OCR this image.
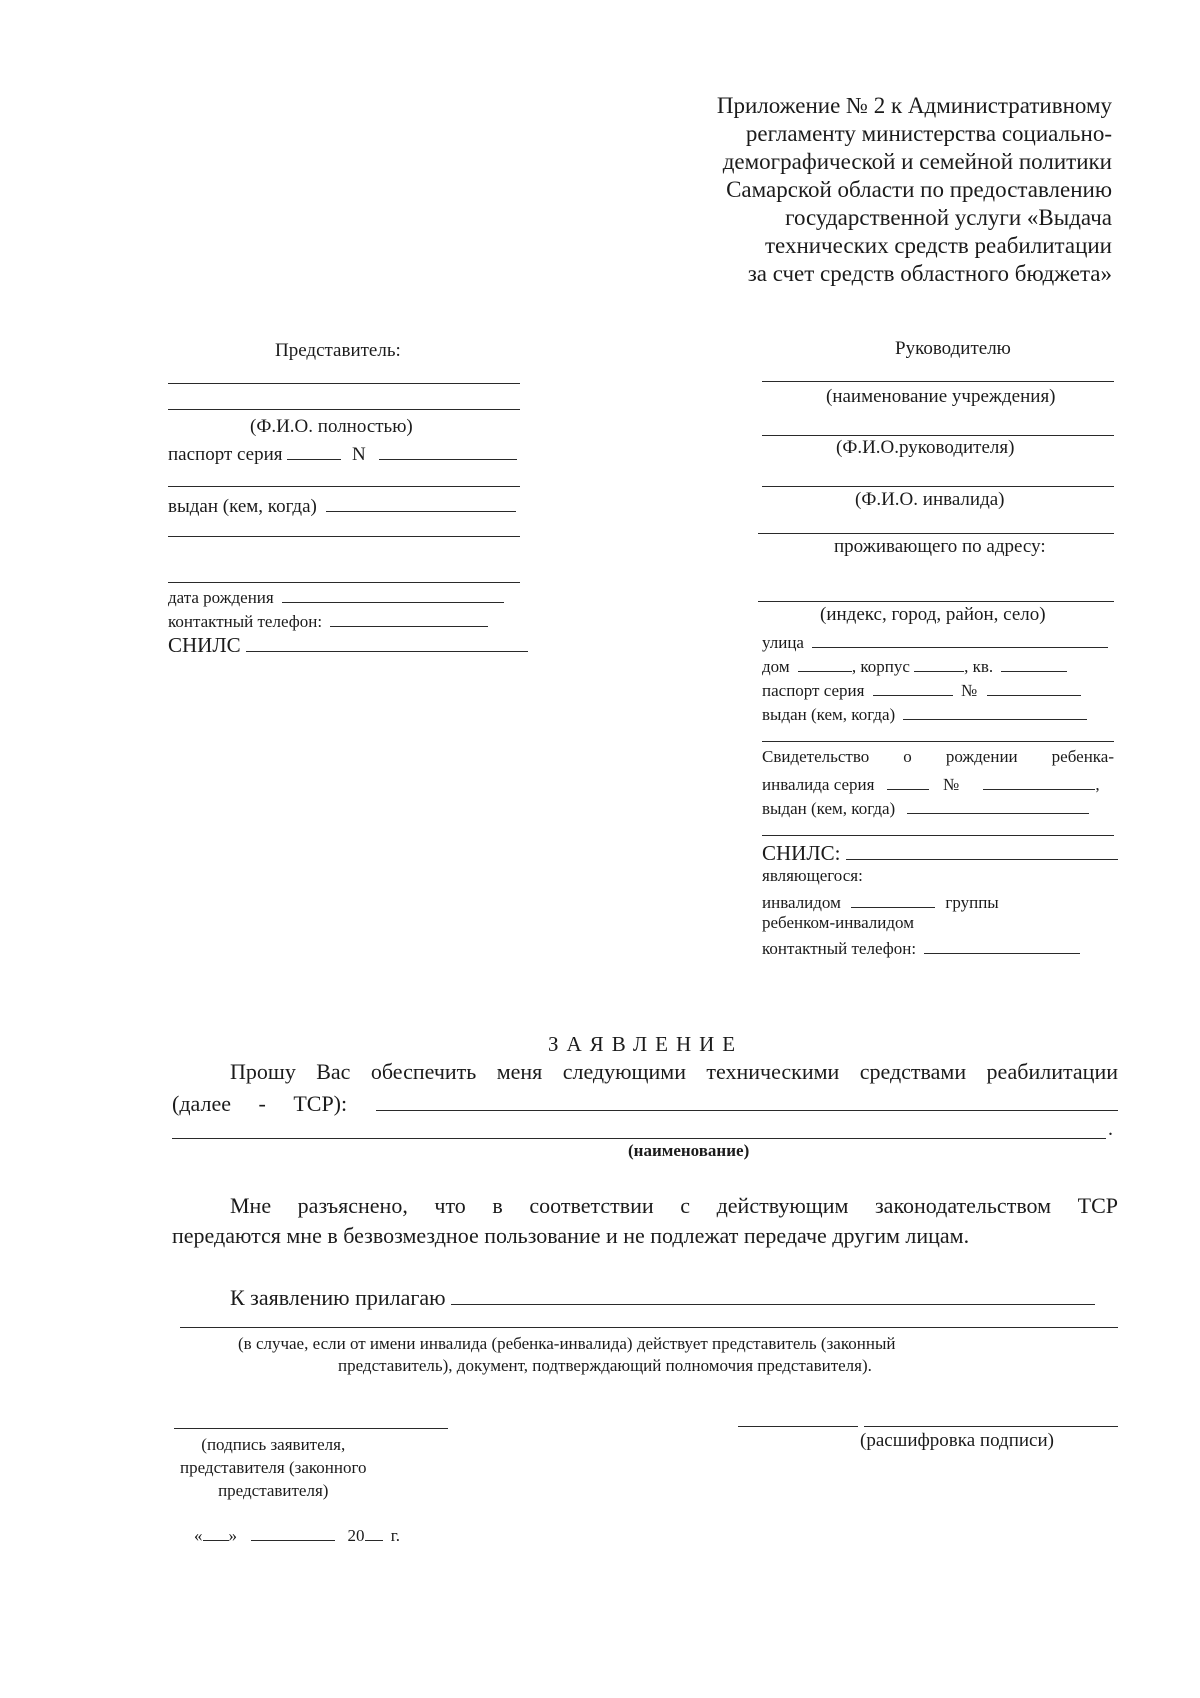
Приложение № 2 к Административному
регламенту министерства социально-
демографической и семейной политики
Самарской области по предоставлению
государственной услуги «Выдача
технических средств реабилитации
за счет средств областного бюджета»
Представитель:
(Ф.И.О. полностью)
паспорт серия	N
выдан (кем, когда)
дата рождения
контактный телефон:
СНИЛС
Руководителю
(наименование учреждения)
(Ф.И.О.руководителя)
(Ф.И.О. инвалида)
проживающего по адресу:
(индекс, город, район, село)
улица
дом	, корпус	, кв.
паспорт серия	№
выдан (кем, когда)
Свидетельство о рождении ребенка-
инвалида серия	№	,
выдан (кем, когда)
СНИЛС:
являющегося:
инвалидом	группы
ребенком-инвалидом
контактный телефон:
ЗАЯВЛЕНИЕ
Прошу Вас обеспечить меня следующими техническими средствами реабилитации
(далее - ТСР):
.
(наименование)
Мне разъяснено, что в соответствии с действующим законодательством ТСР
передаются мне в безвозмездное пользование и не подлежат передаче другим лицам.
К заявлению прилагаю
(в случае, если от имени инвалида (ребенка-инвалида) действует представитель (законный
представитель), документ, подтверждающий полномочия представителя).
(подпись заявителя,
представителя (законного
представителя)
(расшифровка подписи)
« »	20 г.
